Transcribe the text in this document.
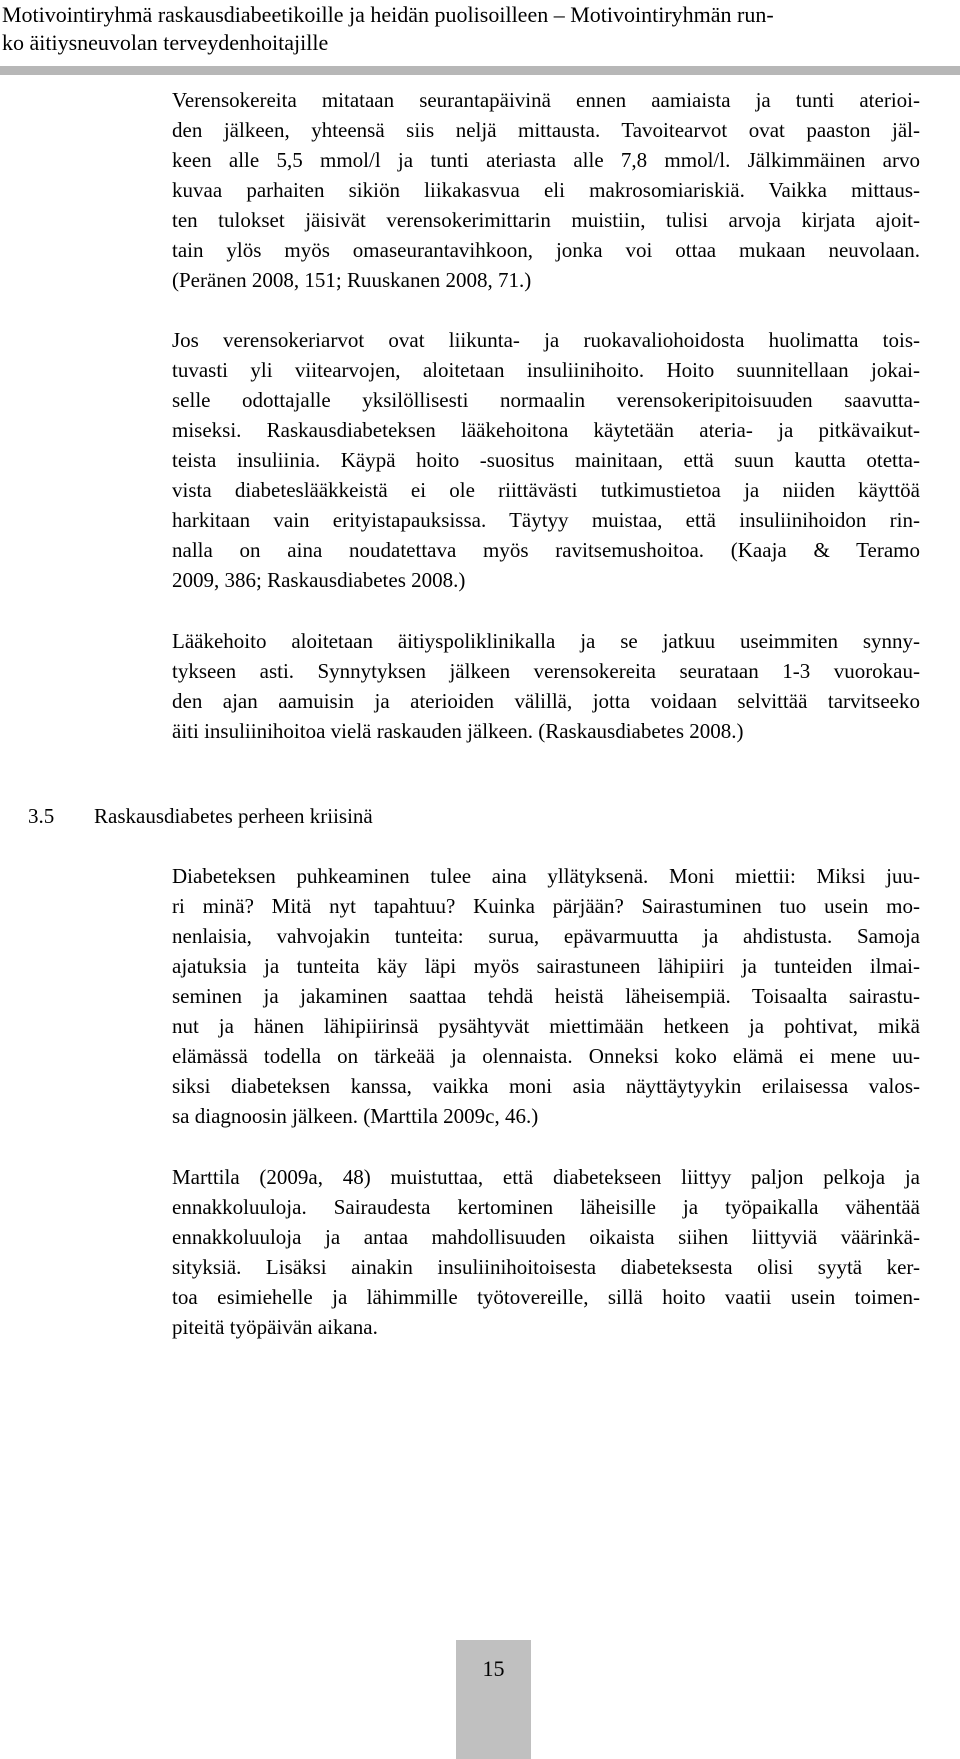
Motivointiryhmä raskausdiabeetikoille ja heidän puolisoilleen – Motivointiryhmän run-
ko äitiysneuvolan terveydenhoitajille
Verensokereita mitataan seurantapäivinä ennen aamiaista ja tunti aterioi-
den jälkeen, yhteensä siis neljä mittausta. Tavoitearvot ovat paaston jäl-
keen alle 5,5 mmol/l ja tunti ateriasta alle 7,8 mmol/l. Jälkimmäinen arvo
kuvaa parhaiten sikiön liikakasvua eli makrosomiariskiä. Vaikka mittaus-
ten tulokset jäisivät verensokerimittarin muistiin, tulisi arvoja kirjata ajoit-
tain ylös myös omaseurantavihkoon, jonka voi ottaa mukaan neuvolaan.
(Peränen 2008, 151; Ruuskanen 2008, 71.)
Jos verensokeriarvot ovat liikunta- ja ruokavaliohoidosta huolimatta tois-
tuvasti yli viitearvojen, aloitetaan insuliinihoito. Hoito suunnitellaan jokai-
selle odottajalle yksilöllisesti normaalin verensokeripitoisuuden saavutta-
miseksi. Raskausdiabeteksen lääkehoitona käytetään ateria- ja pitkävaikut-
teista insuliinia. Käypä hoito -suositus mainitaan, että suun kautta otetta-
vista diabeteslääkkeistä ei ole riittävästi tutkimustietoa ja niiden käyttöä
harkitaan vain erityistapauksissa. Täytyy muistaa, että insuliinihoidon rin-
nalla on aina noudatettava myös ravitsemushoitoa. (Kaaja & Teramo
2009, 386; Raskausdiabetes 2008.)
Lääkehoito aloitetaan äitiyspoliklinikalla ja se jatkuu useimmiten synny-
tykseen asti. Synnytyksen jälkeen verensokereita seurataan 1-3 vuorokau-
den ajan aamuisin ja aterioiden välillä, jotta voidaan selvittää tarvitseeko
äiti insuliinihoitoa vielä raskauden jälkeen. (Raskausdiabetes 2008.)
3.5 Raskausdiabetes perheen kriisinä
Diabeteksen puhkeaminen tulee aina yllätyksenä. Moni miettii: Miksi juu-
ri minä? Mitä nyt tapahtuu? Kuinka pärjään? Sairastuminen tuo usein mo-
nenlaisia, vahvojakin tunteita: surua, epävarmuutta ja ahdistusta. Samoja
ajatuksia ja tunteita käy läpi myös sairastuneen lähipiiri ja tunteiden ilmai-
seminen ja jakaminen saattaa tehdä heistä läheisempiä. Toisaalta sairastu-
nut ja hänen lähipiirinsä pysähtyvät miettimään hetkeen ja pohtivat, mikä
elämässä todella on tärkeää ja olennaista. Onneksi koko elämä ei mene uu-
siksi diabeteksen kanssa, vaikka moni asia näyttäytyykin erilaisessa valos-
sa diagnoosin jälkeen. (Marttila 2009c, 46.)
Marttila (2009a, 48) muistuttaa, että diabetekseen liittyy paljon pelkoja ja
ennakkoluuloja. Sairaudesta kertominen läheisille ja työpaikalla vähentää
ennakkoluuloja ja antaa mahdollisuuden oikaista siihen liittyviä väärinkä-
sityksiä. Lisäksi ainakin insuliinihoitoisesta diabeteksesta olisi syytä ker-
toa esimiehelle ja lähimmille työtovereille, sillä hoito vaatii usein toimen-
piteitä työpäivän aikana.
15
